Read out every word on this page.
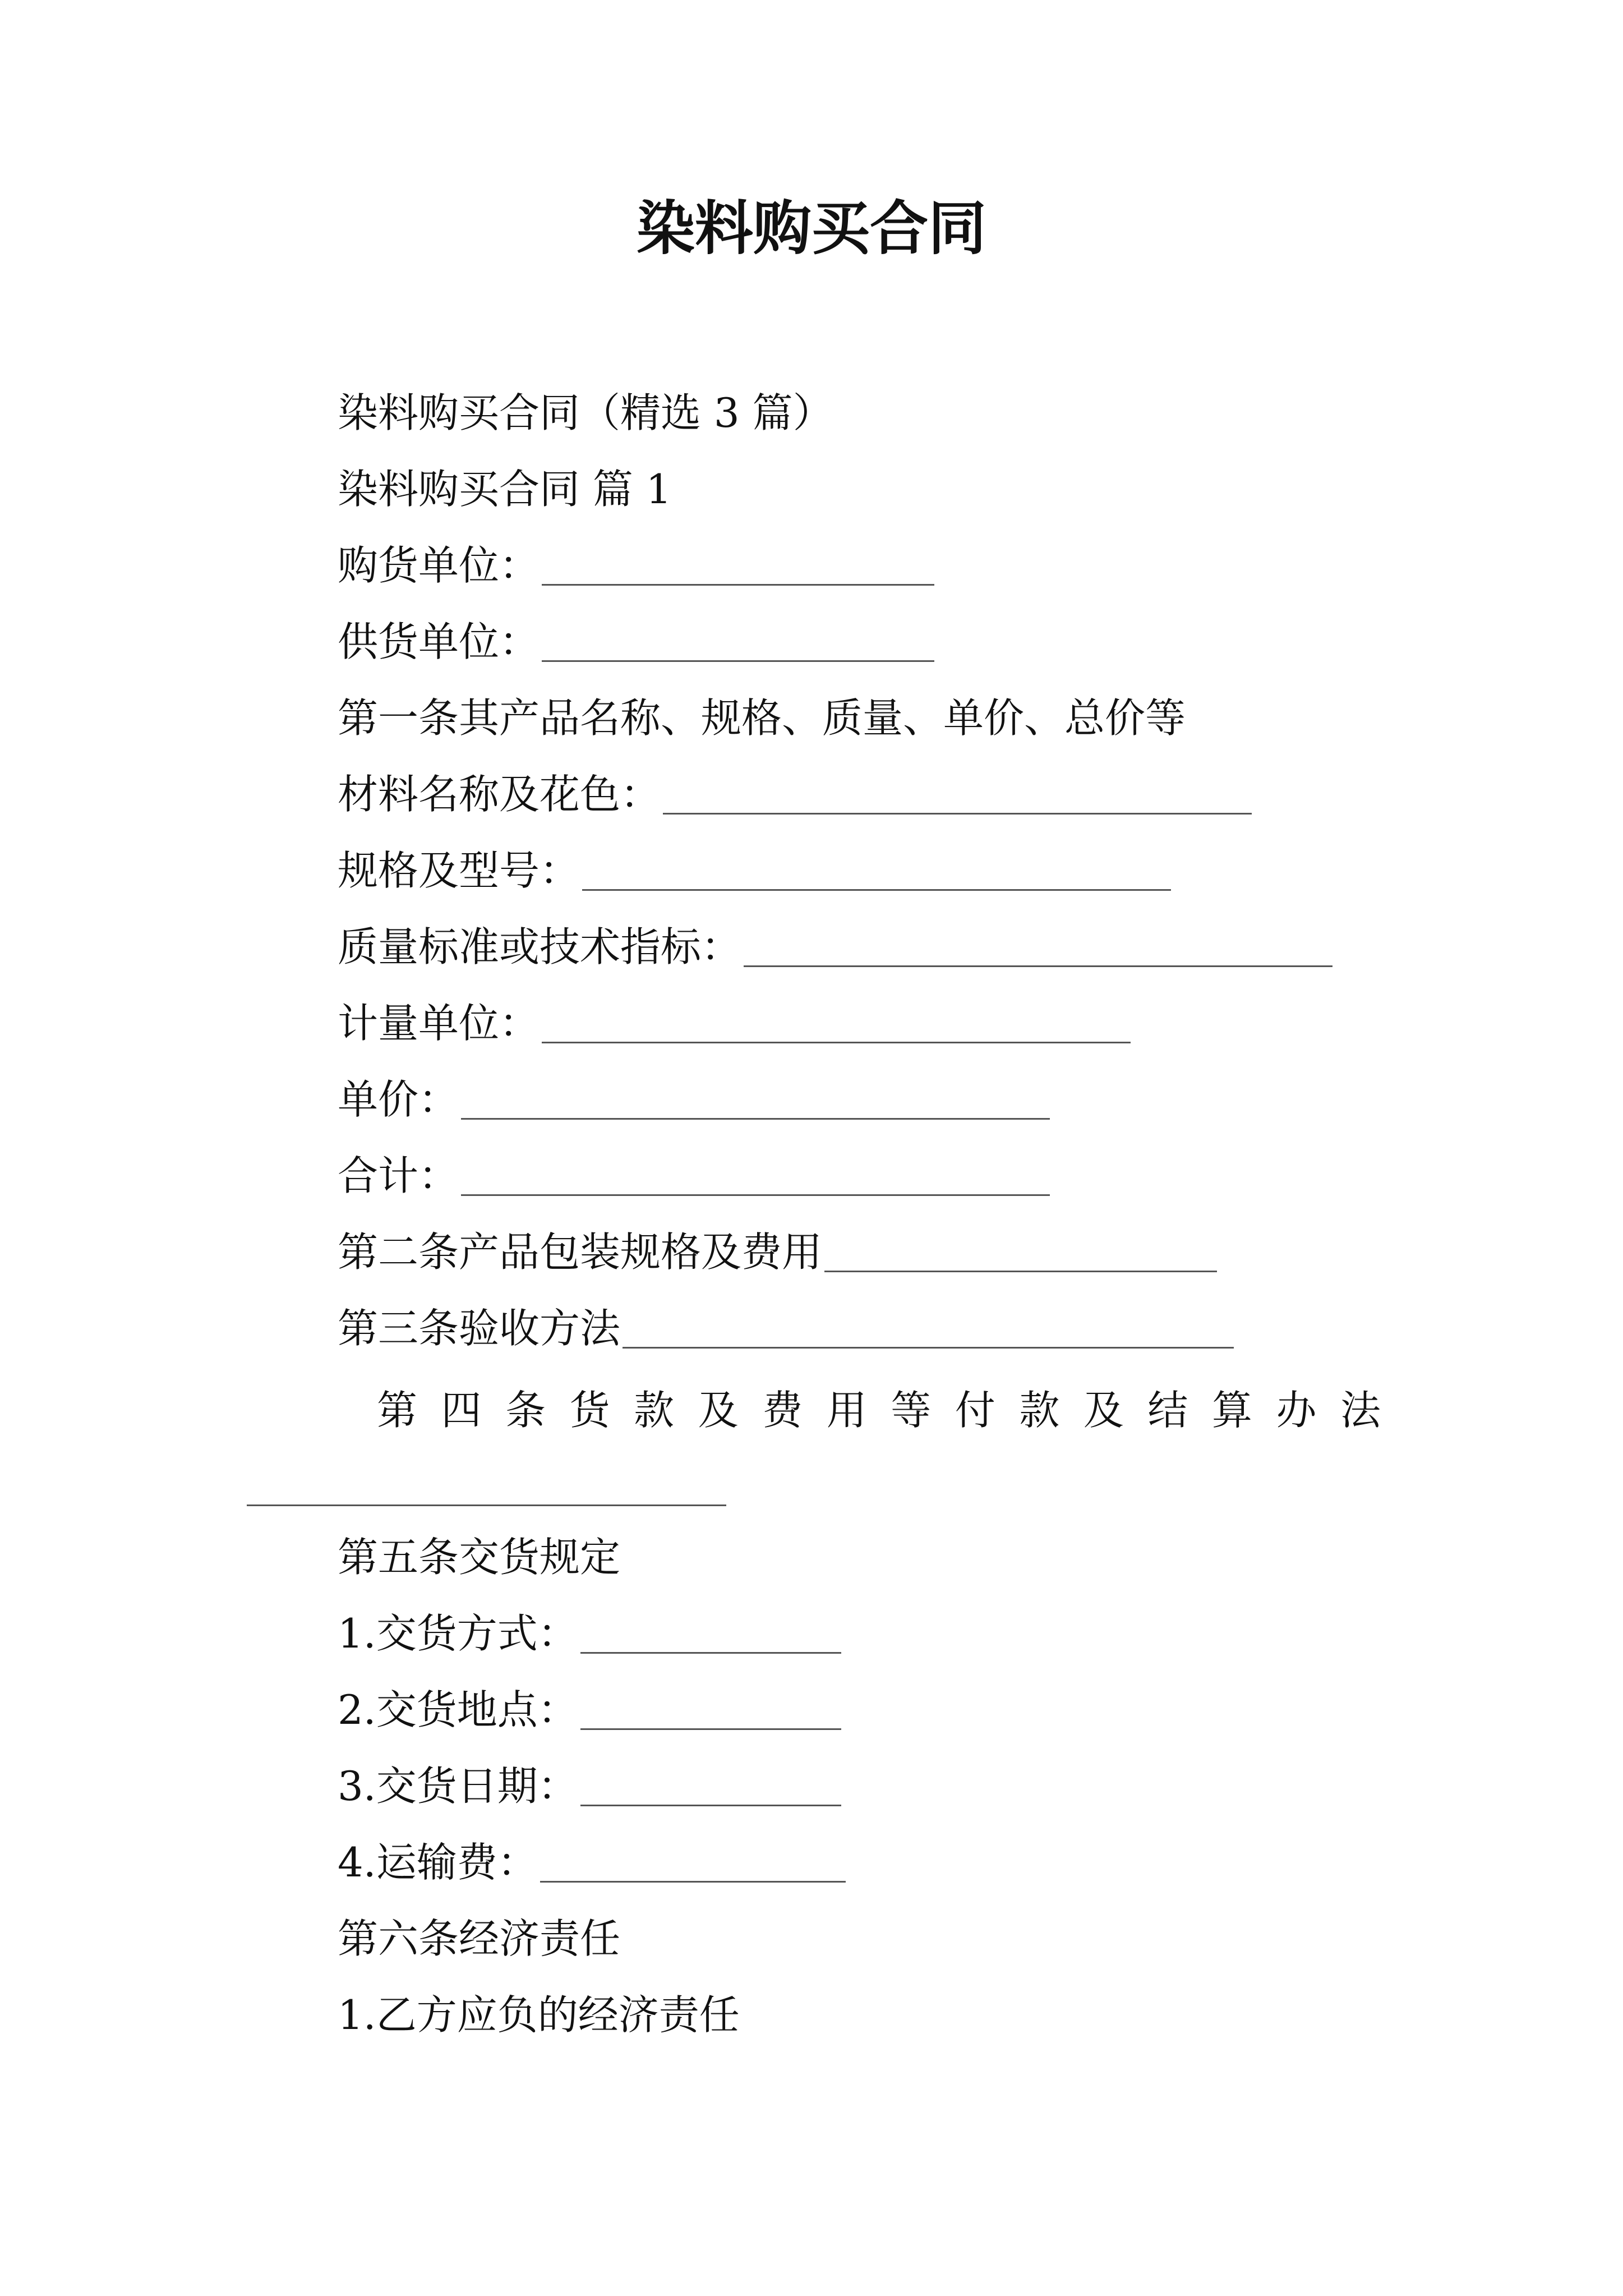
染料购买合同
染料购买合同（精选 3 篇）
染料购买合同 篇 1
购货单位：
供货单位：
第一条其产品名称、规格、质量、单价、总价等
材料名称及花色：
规格及型号：
质量标准或技术指标：
计量单位：
单价：
合计：
第二条产品包装规格及费用
第三条验收方法
第 四 条 货 款 及 费 用 等 付 款 及 结 算 办 法
第五条交货规定
1.交货方式：
2.交货地点：
3.交货日期：
4.运输费：
第六条经济责任
1.乙方应负的经济责任
